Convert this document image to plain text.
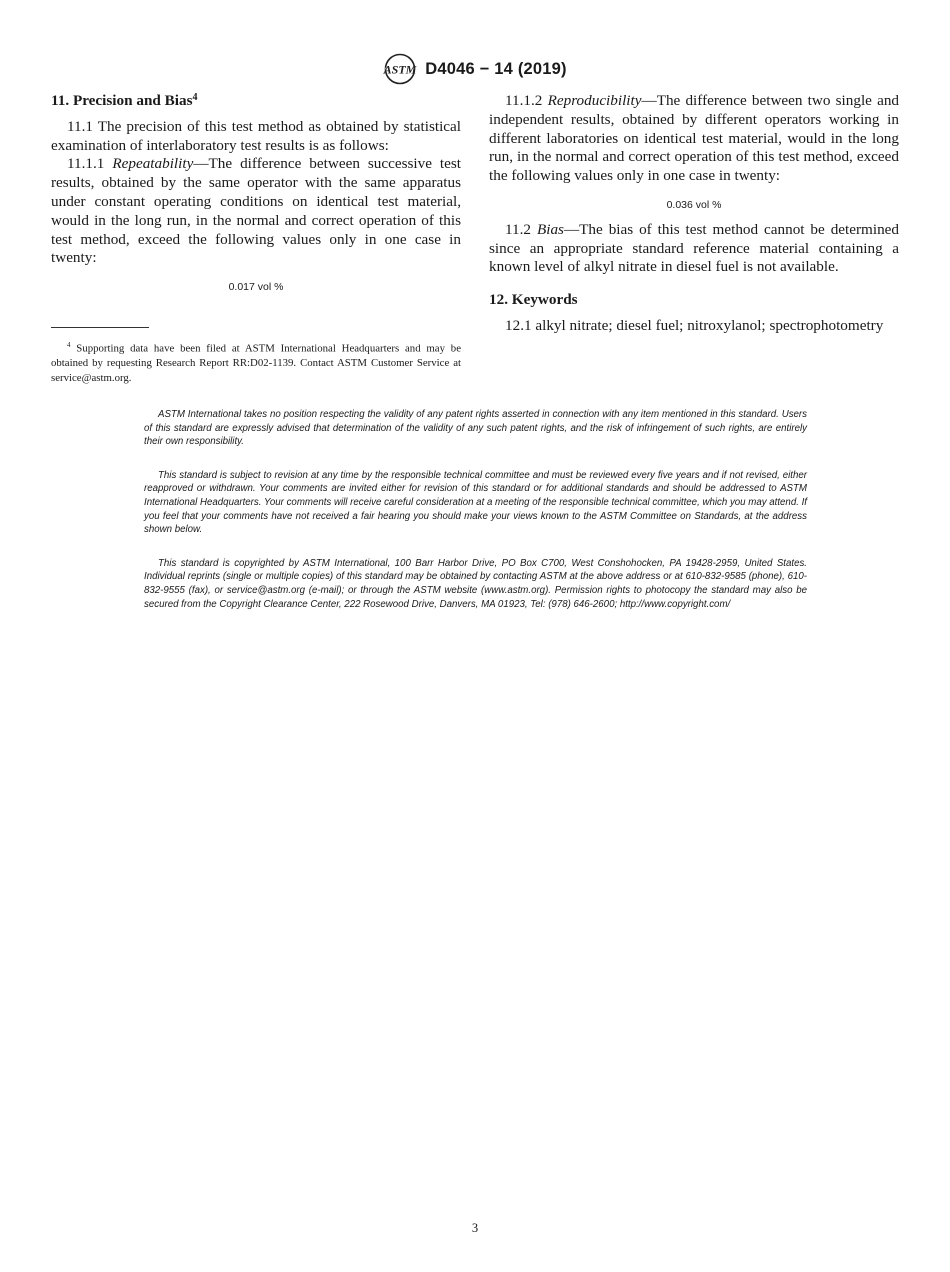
ASTM D4046 − 14 (2019)
11. Precision and Bias$^4$

11.1 The precision of this test method as obtained by statistical examination of interlaboratory test results is as follows:

11.1.1 Repeatability—The difference between successive test results, obtained by the same operator with the same apparatus under constant operating conditions on identical test material, would in the long run, in the normal and correct operation of this test method, exceed the following values only in one case in twenty:

0.017 vol %
$^4$ Supporting data have been filed at ASTM International Headquarters and may be obtained by requesting Research Report RR:D02-1139. Contact ASTM Customer Service at service@astm.org.

11.1.2 Reproducibility—The difference between two single and independent results, obtained by different operators working in different laboratories on identical test material, would in the long run, in the normal and correct operation of this test method, exceed the following values only in one case in twenty:

0.036 vol %

11.2 Bias—The bias of this test method cannot be determined since an appropriate standard reference material containing a known level of alkyl nitrate in diesel fuel is not available.

12. Keywords

12.1 alkyl nitrate; diesel fuel; nitroxylanol; spectrophotometry

ASTM International takes no position respecting the validity of any patent rights asserted in connection with any item mentioned in this standard. Users of this standard are expressly advised that determination of the validity of any such patent rights, and the risk of infringement of such rights, are entirely their own responsibility.

This standard is subject to revision at any time by the responsible technical committee and must be reviewed every five years and if not revised, either reapproved or withdrawn. Your comments are invited either for revision of this standard or for additional standards and should be addressed to ASTM International Headquarters. Your comments will receive careful consideration at a meeting of the responsible technical committee, which you may attend. If you feel that your comments have not received a fair hearing you should make your views known to the ASTM Committee on Standards, at the address shown below.

This standard is copyrighted by ASTM International, 100 Barr Harbor Drive, PO Box C700, West Conshohocken, PA 19428-2959, United States. Individual reprints (single or multiple copies) of this standard may be obtained by contacting ASTM at the above address or at 610-832-9585 (phone), 610-832-9555 (fax), or service@astm.org (e-mail); or through the ASTM website (www.astm.org). Permission rights to photocopy the standard may also be secured from the Copyright Clearance Center, 222 Rosewood Drive, Danvers, MA 01923, Tel: (978) 646-2600; http://www.copyright.com/

3
